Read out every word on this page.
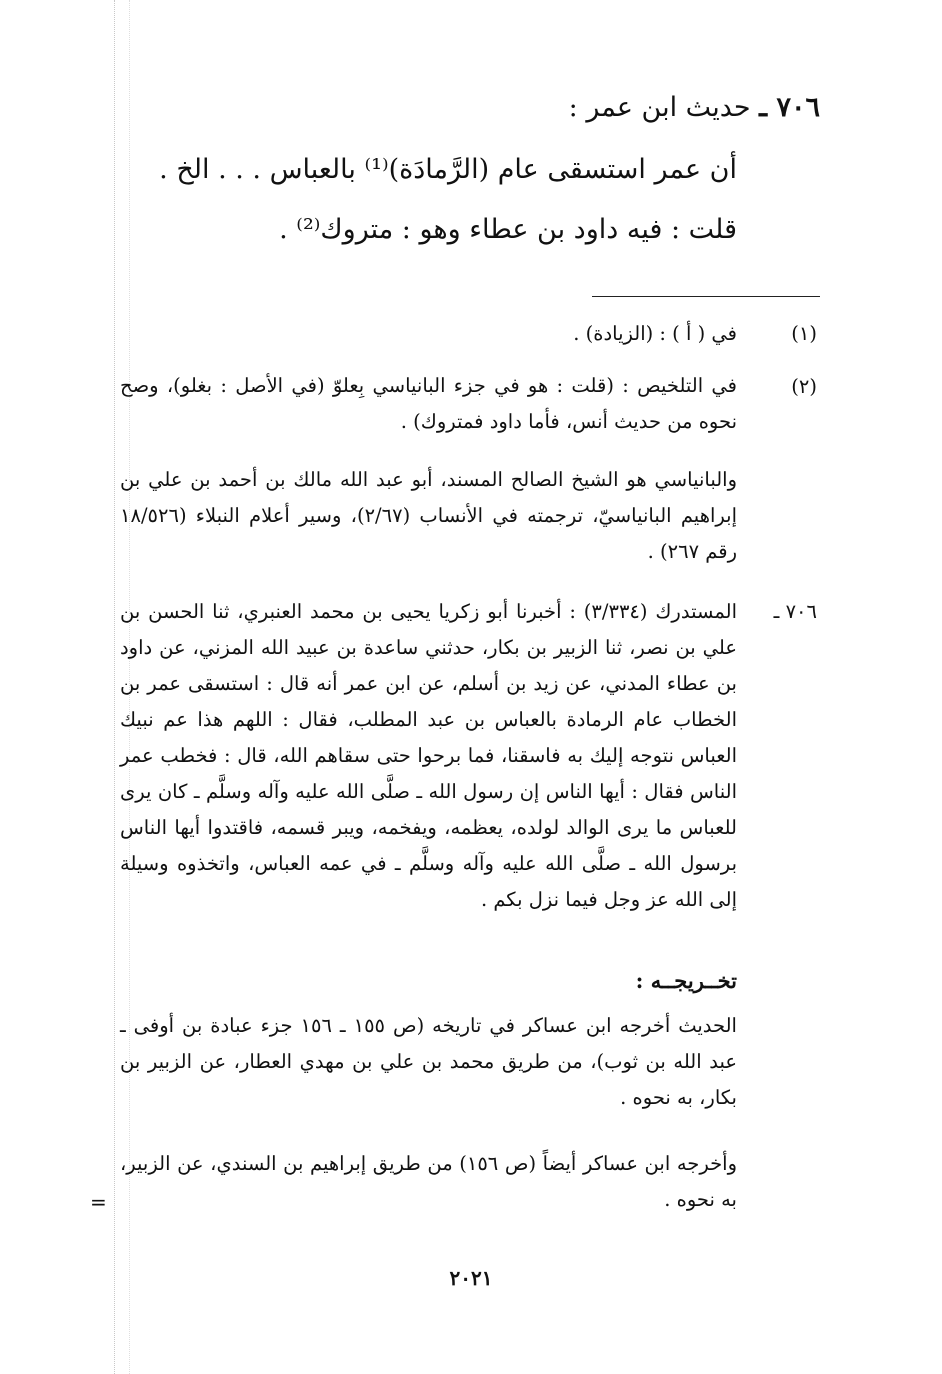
٧٠٦ ـ حديث ابن عمر :
أن عمر استسقى عام (الرَّمادَة)⁽¹⁾ بالعباس . . . الخ .
قلت : فيه داود بن عطاء وهو : متروك⁽²⁾ .
(١)
في ( أ ) : (الزيادة) .
(٢)
في التلخيص : (قلت : هو في جزء البانياسي بِعلوّ (في الأصل : بغلو)، وصح نحوه من حديث أنس، فأما داود فمتروك) .
والبانياسي هو الشيخ الصالح المسند، أبو عبد الله مالك بن أحمد بن علي بن إبراهيم البانياسيّ، ترجمته في الأنساب (٢/٦٧)، وسير أعلام النبلاء (١٨/٥٢٦ رقم ٢٦٧) .
٧٠٦ ـ
المستدرك (٣/٣٣٤) : أخبرنا أبو زكريا يحيى بن محمد العنبري، ثنا الحسن بن علي بن نصر، ثنا الزبير بن بكار، حدثني ساعدة بن عبيد الله المزني، عن داود بن عطاء المدني، عن زيد بن أسلم، عن ابن عمر أنه قال : استسقى عمر بن الخطاب عام الرمادة بالعباس بن عبد المطلب، فقال : اللهم هذا عم نبيك العباس نتوجه إليك به فاسقنا، فما برحوا حتى سقاهم الله، قال : فخطب عمر الناس فقال : أيها الناس إن رسول الله ـ صلَّى الله عليه وآله وسلَّم ـ كان يرى للعباس ما يرى الوالد لولده، يعظمه، ويفخمه، ويبر قسمه، فاقتدوا أيها الناس برسول الله ـ صلَّى الله عليه وآله وسلَّم ـ في عمه العباس، واتخذوه وسيلة إلى الله عز وجل فيما نزل بكم .
تخــريجــه :
الحديث أخرجه ابن عساكر في تاريخه (ص ١٥٥ ـ ١٥٦ جزء عبادة بن أوفى ـ عبد الله بن ثوب)، من طريق محمد بن علي بن مهدي العطار، عن الزبير بن بكار، به نحوه .
وأخرجه ابن عساكر أيضاً (ص ١٥٦) من طريق إبراهيم بن السندي، عن الزبير، به نحوه .
=
٢٠٢١
